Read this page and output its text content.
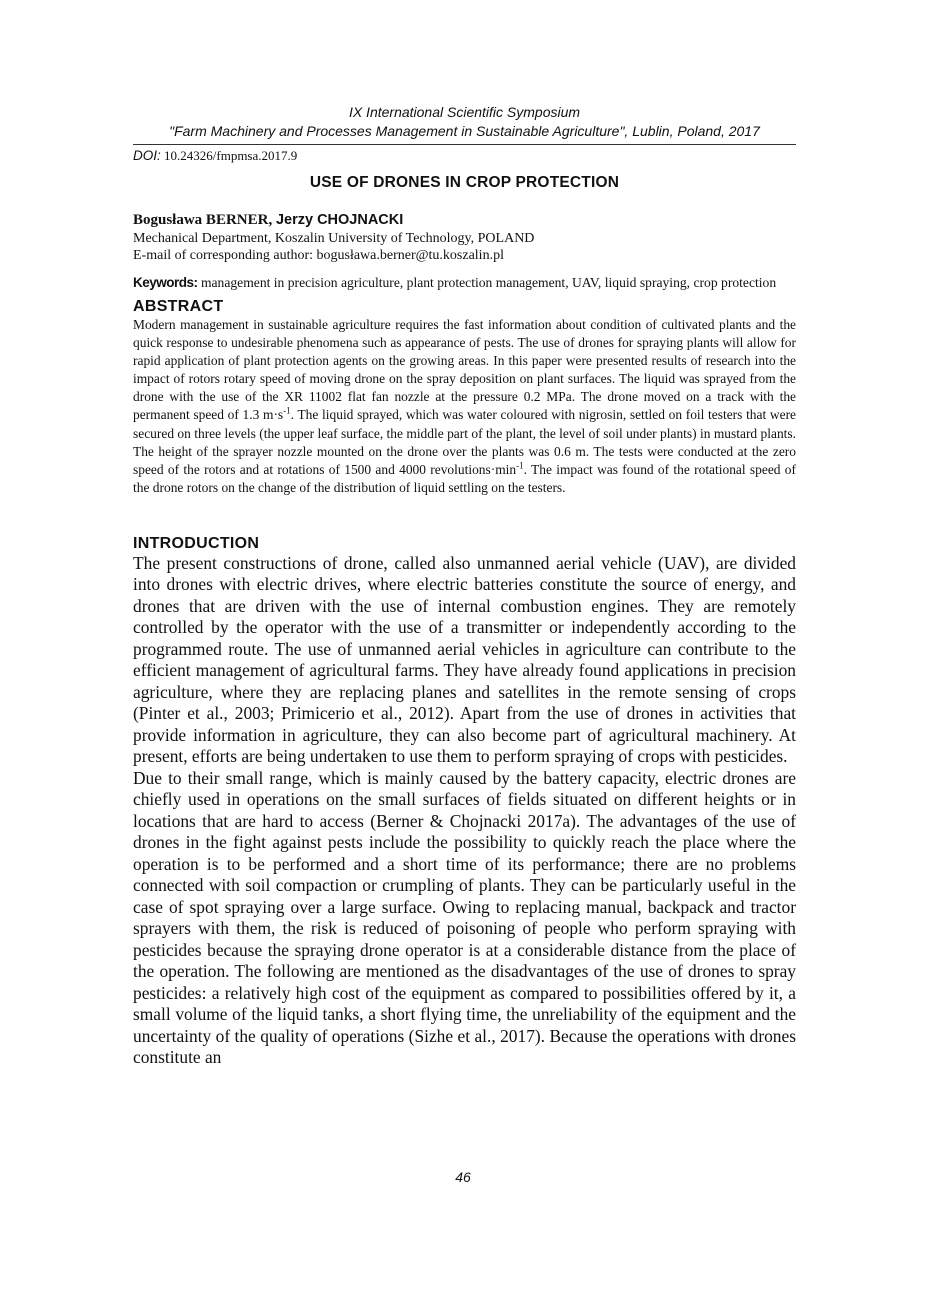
IX International Scientific Symposium
"Farm Machinery and Processes Management in Sustainable Agriculture", Lublin, Poland, 2017
DOI: 10.24326/fmpmsa.2017.9
USE OF DRONES IN CROP PROTECTION
Bogusława BERNER, Jerzy CHOJNACKI
Mechanical Department, Koszalin University of Technology, POLAND
E-mail of corresponding author: bogusława.berner@tu.koszalin.pl
Keywords: management in precision agriculture, plant protection management, UAV, liquid spraying, crop protection
ABSTRACT
Modern management in sustainable agriculture requires the fast information about condition of cultivated plants and the quick response to undesirable phenomena such as appearance of pests. The use of drones for spraying plants will allow for rapid application of plant protection agents on the growing areas. In this paper were presented results of research into the impact of rotors rotary speed of moving drone on the spray deposition on plant surfaces. The liquid was sprayed from the drone with the use of the XR 11002 flat fan nozzle at the pressure 0.2 MPa. The drone moved on a track with the permanent speed of 1.3 $m\cdot s^{-1}$. The liquid sprayed, which was water coloured with nigrosin, settled on foil testers that were secured on three levels (the upper leaf surface, the middle part of the plant, the level of soil under plants) in mustard plants. The height of the sprayer nozzle mounted on the drone over the plants was 0.6 m. The tests were conducted at the zero speed of the rotors and at rotations of 1500 and 4000 $revolutions\cdot\min^{-1}$. The impact was found of the rotational speed of the drone rotors on the change of the distribution of liquid settling on the testers.
INTRODUCTION

The present constructions of drone, called also unmanned aerial vehicle (UAV), are divided into drones with electric drives, where electric batteries constitute the source of energy, and drones that are driven with the use of internal combustion engines. They are remotely controlled by the operator with the use of a transmitter or independently according to the programmed route. The use of unmanned aerial vehicles in agriculture can contribute to the efficient management of agricultural farms. They have already found applications in precision agriculture, where they are replacing planes and satellites in the remote sensing of crops (Pinter et al., 2003; Primicerio et al., 2012). Apart from the use of drones in activities that provide information in agriculture, they can also become part of agricultural machinery. At present, efforts are being undertaken to use them to perform spraying of crops with pesticides.

Due to their small range, which is mainly caused by the battery capacity, electric drones are chiefly used in operations on the small surfaces of fields situated on different heights or in locations that are hard to access (Berner & Chojnacki 2017a). The advantages of the use of drones in the fight against pests include the possibility to quickly reach the place where the operation is to be performed and a short time of its performance; there are no problems connected with soil compaction or crumpling of plants. They can be particularly useful in the case of spot spraying over a large surface. Owing to replacing manual, backpack and tractor sprayers with them, the risk is reduced of poisoning of people who perform spraying with pesticides because the spraying drone operator is at a considerable distance from the place of the operation. The following are mentioned as the disadvantages of the use of drones to spray pesticides: a relatively high cost of the equipment as compared to possibilities offered by it, a small volume of the liquid tanks, a short flying time, the unreliability of the equipment and the uncertainty of the quality of operations (Sizhe et al., 2017). Because the operations with drones constitute an

46
